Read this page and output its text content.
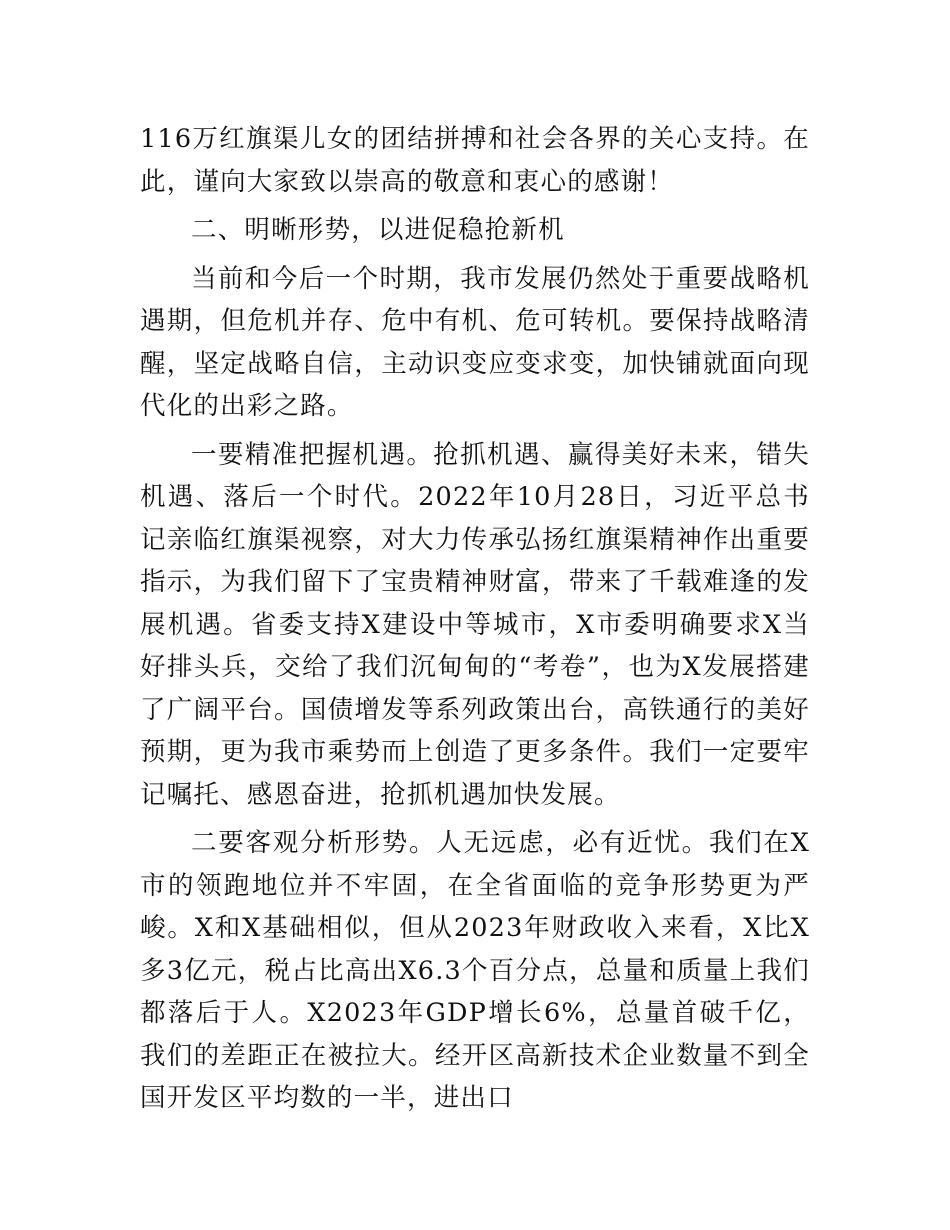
116万红旗渠儿女的团结拼搏和社会各界的关心支持。在此，谨向大家致以崇高的敬意和衷心的感谢！

二、明晰形势，以进促稳抢新机

当前和今后一个时期，我市发展仍然处于重要战略机遇期，但危机并存、危中有机、危可转机。要保持战略清醒，坚定战略自信，主动识变应变求变，加快铺就面向现代化的出彩之路。

一要精准把握机遇。抢抓机遇、赢得美好未来，错失机遇、落后一个时代。2022年10月28日，习近平总书记亲临红旗渠视察，对大力传承弘扬红旗渠精神作出重要指示，为我们留下了宝贵精神财富，带来了千载难逢的发展机遇。省委支持X建设中等城市，X市委明确要求X当好排头兵，交给了我们沉甸甸的“考卷”，也为X发展搭建了广阔平台。国债增发等系列政策出台，高铁通行的美好预期，更为我市乘势而上创造了更多条件。我们一定要牢记嘱托、感恩奋进，抢抓机遇加快发展。

二要客观分析形势。人无远虑，必有近忧。我们在X市的领跑地位并不牢固，在全省面临的竞争形势更为严峻。X和X基础相似，但从2023年财政收入来看，X比X多3亿元，税占比高出X6.3个百分点，总量和质量上我们都落后于人。X2023年GDP增长6%，总量首破千亿，我们的差距正在被拉大。经开区高新技术企业数量不到全国开发区平均数的一半，进出口
